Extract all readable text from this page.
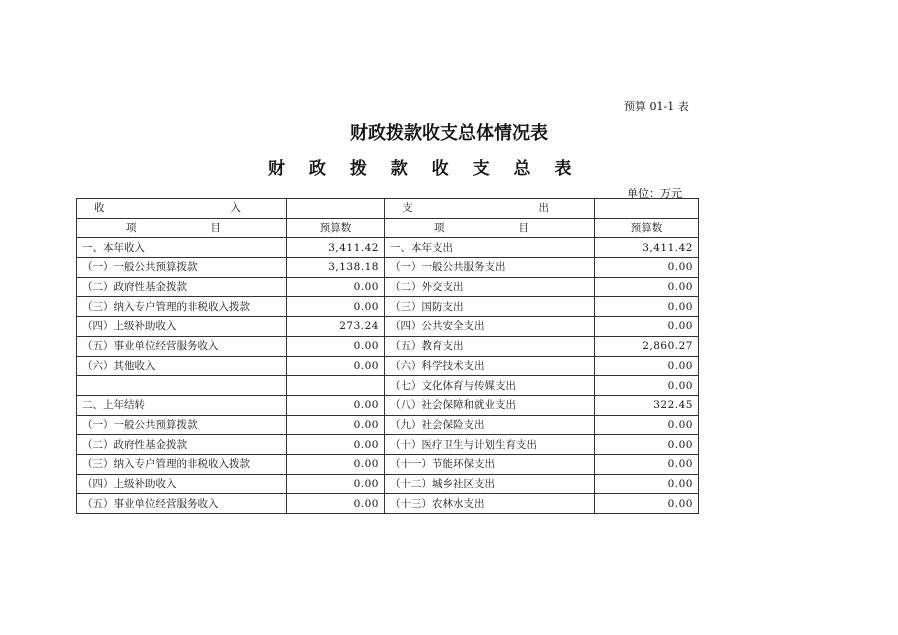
预算 01-1 表
财政拨款收支总体情况表
财 政 拨 款 收 支 总 表
单位：万元
收 入		支 出	

项 目	预算数	项 目	预算数
一、本年收入	3,411.42	一、本年支出	3,411.42
（一）一般公共预算拨款	3,138.18	（一）一般公共服务支出	0.00
（二）政府性基金拨款	0.00	（二）外交支出	0.00
（三）纳入专户管理的非税收入拨款	0.00	（三）国防支出	0.00
（四）上级补助收入	273.24	（四）公共安全支出	0.00
（五）事业单位经营服务收入	0.00	（五）教育支出	2,860.27
（六）其他收入	0.00	（六）科学技术支出	0.00
		（七）文化体育与传媒支出	0.00
二、上年结转	0.00	（八）社会保障和就业支出	322.45
（一）一般公共预算拨款	0.00	（九）社会保险支出	0.00
（二）政府性基金拨款	0.00	（十）医疗卫生与计划生育支出	0.00
（三）纳入专户管理的非税收入拨款	0.00	（十一）节能环保支出	0.00
（四）上级补助收入	0.00	（十二）城乡社区支出	0.00
（五）事业单位经营服务收入	0.00	（十三）农林水支出	0.00
